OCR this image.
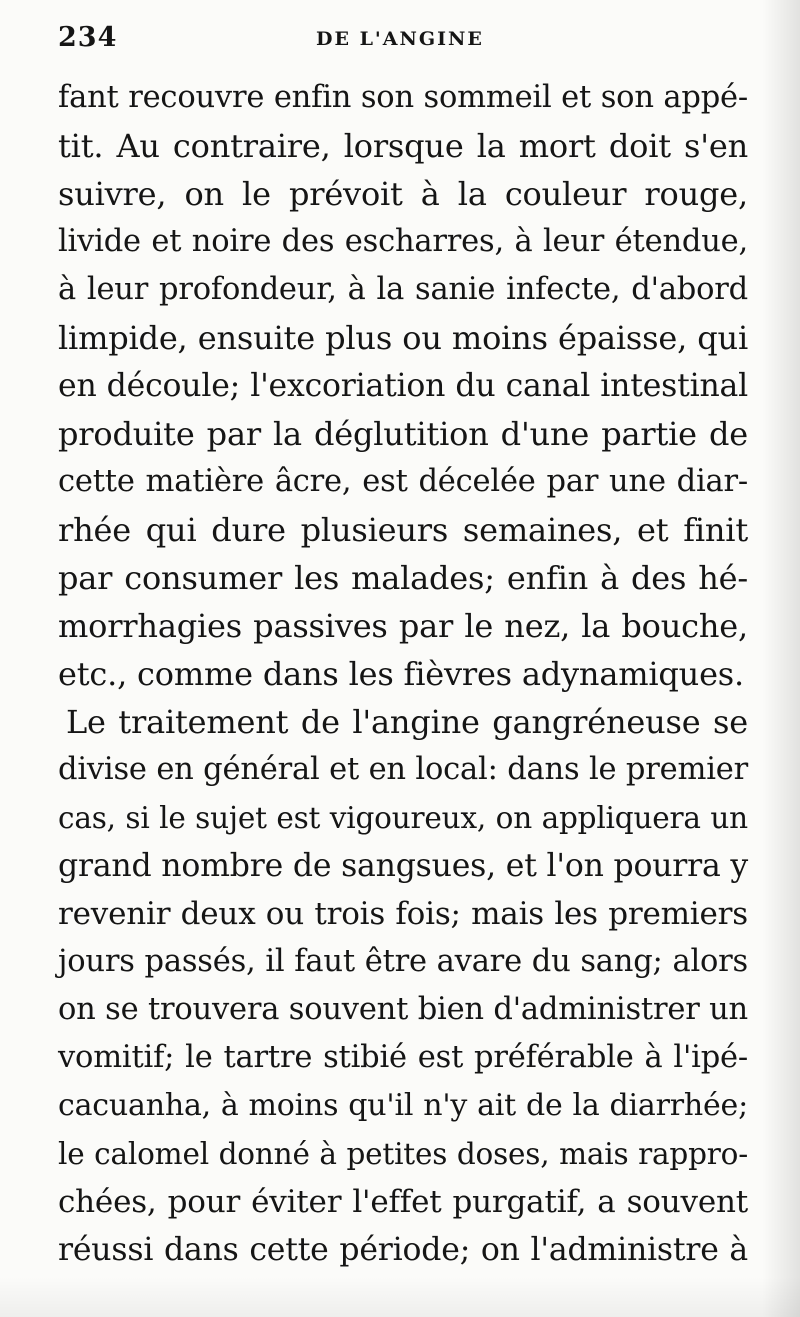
234	DE L'ANGINE
fant recouvre enfin son sommeil et son appé-
tit. Au contraire, lorsque la mort doit s'en
suivre, on le prévoit à la couleur rouge,
livide et noire des escharres, à leur étendue,
à leur profondeur, à la sanie infecte, d'abord
limpide, ensuite plus ou moins épaisse, qui
en découle; l'excoriation du canal intestinal
produite par la déglutition d'une partie de
cette matière âcre, est décelée par une diar-
rhée qui dure plusieurs semaines, et finit
par consumer les malades; enfin à des hé-
morrhagies passives par le nez, la bouche,
etc., comme dans les fièvres adynamiques.
Le traitement de l'angine gangréneuse se
divise en général et en local: dans le premier
cas, si le sujet est vigoureux, on appliquera un
grand nombre de sangsues, et l'on pourra y
revenir deux ou trois fois; mais les premiers
jours passés, il faut être avare du sang; alors
on se trouvera souvent bien d'administrer un
vomitif; le tartre stibié est préférable à l'ipé-
cacuanha, à moins qu'il n'y ait de la diarrhée;
le calomel donné à petites doses, mais rappro-
chées, pour éviter l'effet purgatif, a souvent
réussi dans cette période; on l'administre à
